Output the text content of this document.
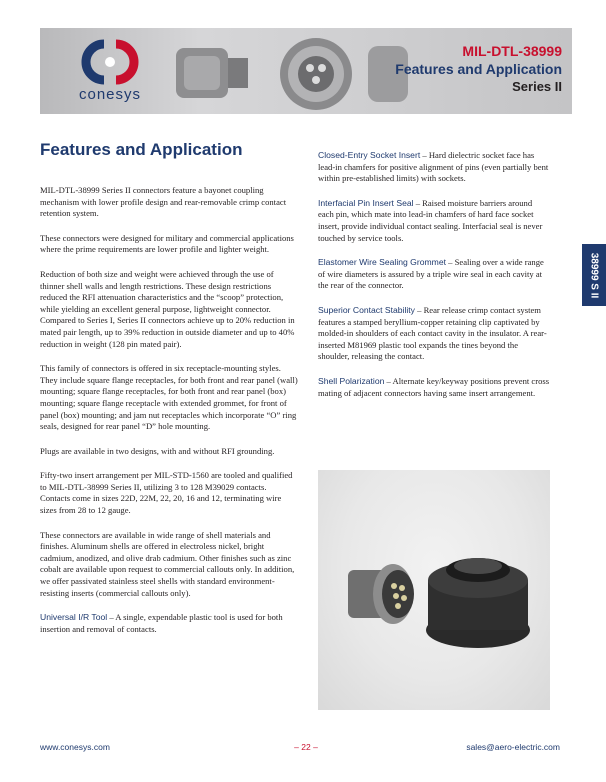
conesys
MIL-DTL-38999
Features and Application
Series II
38999 S II
Features and Application

MIL-DTL-38999 Series II connectors feature a bayonet coupling mechanism with lower profile design and rear-removable crimp contact retention system.

These connectors were designed for military and commercial applications where the prime requirements are lower profile and lighter weight.

Reduction of both size and weight were achieved through the use of thinner shell walls and length restrictions. These design restrictions reduced the RFI attenuation characteristics and the “scoop” protection, while yielding an excellent general purpose, lightweight connector. Compared to Series I, Series II connectors achieve up to 20% reduction in mated pair length, up to 39% reduction in outside diameter and up to 40% reduction in weight (128 pin mated pair).

This family of connectors is offered in six receptacle-mounting styles. They include square flange receptacles, for both front and rear panel (wall) mounting; square flange receptacles, for both front and rear panel (box) mounting; square flange receptacle with extended grommet, for front of panel (box) mounting; and jam nut receptacles which incorporate “O” ring seals, designed for rear panel “D” hole mounting.

Plugs are available in two designs, with and without RFI grounding.

Fifty-two insert arrangement per MIL-STD-1560 are tooled and qualified to MIL-DTL-38999 Series II, utilizing 3 to 128 M39029 contacts. Contacts come in sizes 22D, 22M, 22, 20, 16 and 12, terminating wire sizes from 28 to 12 gauge.

These connectors are available in wide range of shell materials and finishes. Aluminum shells are offered in electroless nickel, bright cadmium, anodized, and olive drab cadmium. Other finishes such as zinc cobalt are available upon request to commercial callouts only. In addition, we offer passivated stainless steel shells with standard environment-resisting inserts (commercial callouts only).

Universal I/R Tool – A single, expendable plastic tool is used for both insertion and removal of contacts.

Closed-Entry Socket Insert – Hard dielectric socket face has lead-in chamfers for positive alignment of pins (even partially bent within pre-established limits) with sockets.

Interfacial Pin Insert Seal – Raised moisture barriers around each pin, which mate into lead-in chamfers of hard face socket insert, provide individual contact sealing. Interfacial seal is never touched by service tools.

Elastomer Wire Sealing Grommet – Sealing over a wide range of wire diameters is assured by a triple wire seal in each cavity at the rear of the connector.

Superior Contact Stability – Rear release crimp contact system features a stamped beryllium-copper retaining clip captivated by molded-in shoulders of each contact cavity in the insulator. A rear-inserted M81969 plastic tool expands the tines beyond the shoulder, releasing the contact.

Shell Polarization – Alternate key/keyway positions prevent cross mating of adjacent connectors having same insert arrangement.

www.conesys.com	– 22 –	sales@aero-electric.com
